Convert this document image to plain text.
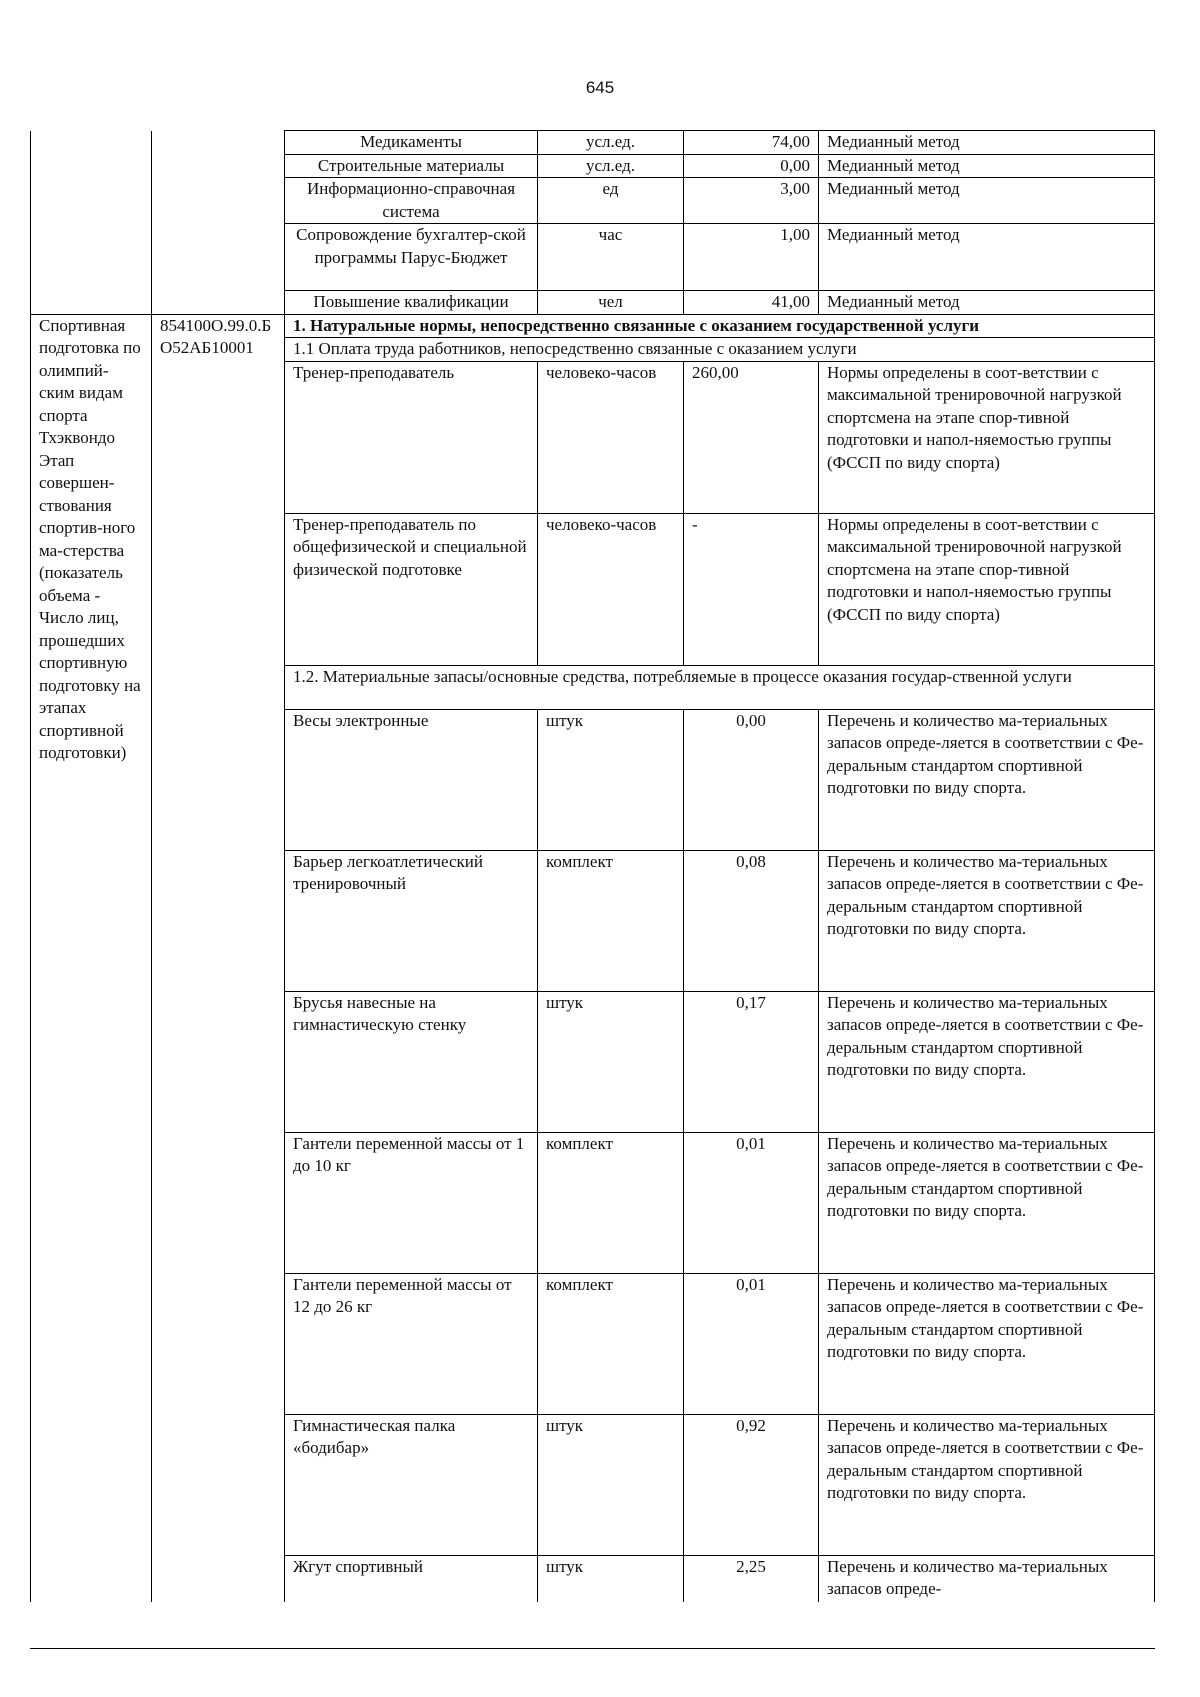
645
		Медикаменты	усл.ед.	74,00	Медианный метод
		Строительные материалы	усл.ед.	0,00	Медианный метод
		Информационно-справочная система	ед	3,00	Медианный метод
		Сопровождение бухгалтер-ской программы Парус-Бюджет	час	1,00	Медианный метод
		Повышение квалификации	чел	41,00	Медианный метод
Спортивная подготовка по олимпий-ским видам спорта Тхэквондо Этап совершен-ствования спортив-ного ма-стерства (показатель объема - Число лиц, прошедших спортивную подготовку на этапах спортивной подготовки)	854100О.99.0.БО52АБ10001	1. Натуральные нормы, непосредственно связанные с оказанием государственной услуги			
		1.1 Оплата труда работников, непосредственно связанные с оказанием услуги			
		Тренер-преподаватель	человеко-часов	260,00	Нормы определены в соот-ветствии с максимальной тренировочной нагрузкой спортсмена на этапе спор-тивной подготовки и напол-няемостью группы (ФССП по виду спорта)
		Тренер-преподаватель по общефизической и специальной физической подготовке	человеко-часов	-	Нормы определены в соот-ветствии с максимальной тренировочной нагрузкой спортсмена на этапе спор-тивной подготовки и напол-няемостью группы (ФССП по виду спорта)
		1.2. Материальные запасы/основные средства, потребляемые в процессе оказания государ-ственной услуги			
		Весы электронные	штук	0,00	Перечень и количество ма-териальных запасов опреде-ляется в соответствии с Фе-деральным стандартом спортивной подготовки по виду спорта.
		Барьер легкоатлетический тренировочный	комплект	0,08	Перечень и количество ма-териальных запасов опреде-ляется в соответствии с Фе-деральным стандартом спортивной подготовки по виду спорта.
		Брусья навесные на гимнастическую стенку	штук	0,17	Перечень и количество ма-териальных запасов опреде-ляется в соответствии с Фе-деральным стандартом спортивной подготовки по виду спорта.
		Гантели переменной массы от 1 до 10 кг	комплект	0,01	Перечень и количество ма-териальных запасов опреде-ляется в соответствии с Фе-деральным стандартом спортивной подготовки по виду спорта.
		Гантели переменной массы от 12 до 26 кг	комплект	0,01	Перечень и количество ма-териальных запасов опреде-ляется в соответствии с Фе-деральным стандартом спортивной подготовки по виду спорта.
		Гимнастическая палка «бодибар»	штук	0,92	Перечень и количество ма-териальных запасов опреде-ляется в соответствии с Фе-деральным стандартом спортивной подготовки по виду спорта.
		Жгут спортивный	штук	2,25	Перечень и количество ма-териальных запасов опреде-
